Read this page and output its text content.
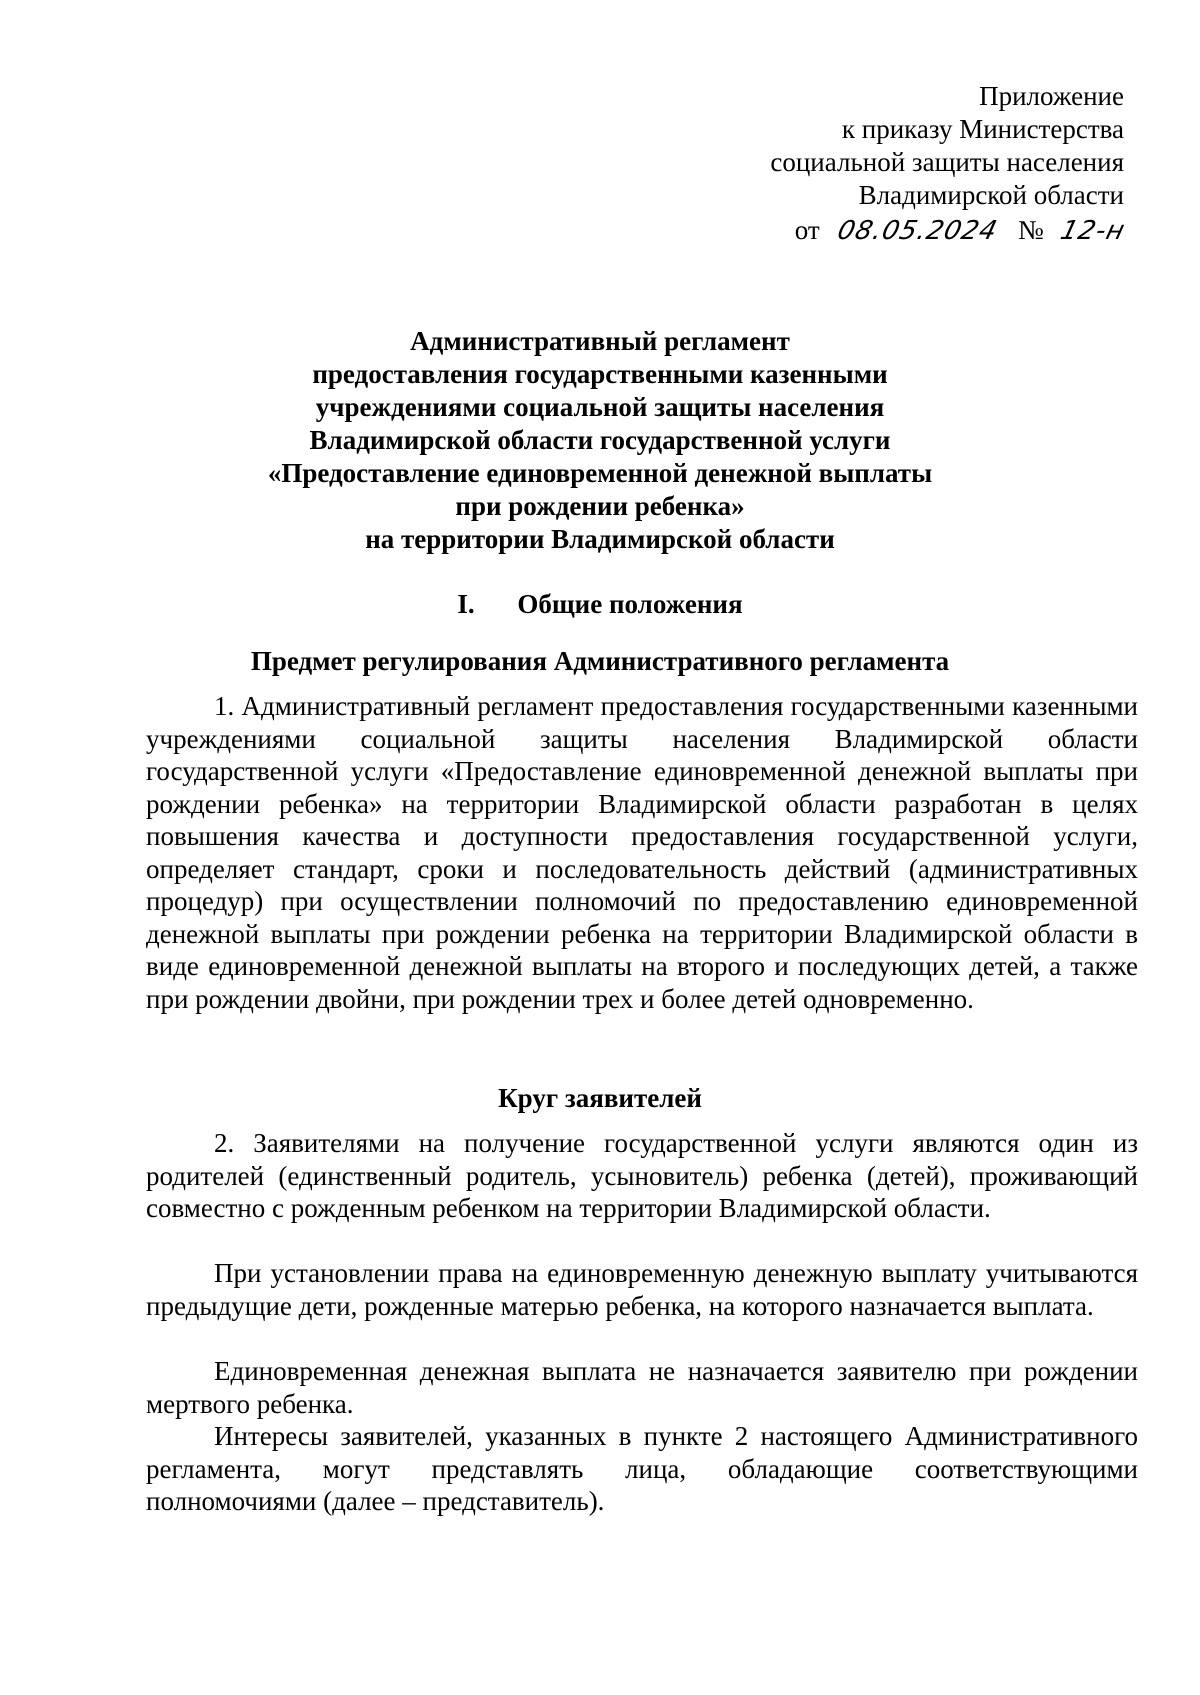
Приложение
к приказу Министерства
социальной защиты населения
Владимирской области
от 08.05.2024 № 12-н
Административный регламент
предоставления государственными казенными
учреждениями социальной защиты населения
Владимирской области государственной услуги
«Предоставление единовременной денежной выплаты
при рождении ребенка»
на территории Владимирской области
I. Общие положения
Предмет регулирования Административного регламента
1. Административный регламент предоставления государственными казенными учреждениями социальной защиты населения Владимирской области государственной услуги «Предоставление единовременной денежной выплаты при рождении ребенка» на территории Владимирской области разработан в целях повышения качества и доступности предоставления государственной услуги, определяет стандарт, сроки и последовательность действий (административных процедур) при осуществлении полномочий по предоставлению единовременной денежной выплаты при рождении ребенка на территории Владимирской области в виде единовременной денежной выплаты на второго и последующих детей, а также при рождении двойни, при рождении трех и более детей одновременно.
Круг заявителей
2. Заявителями на получение государственной услуги являются один из родителей (единственный родитель, усыновитель) ребенка (детей), проживающий совместно с рожденным ребенком на территории Владимирской области.
При установлении права на единовременную денежную выплату учитываются предыдущие дети, рожденные матерью ребенка, на которого назначается выплата.
Единовременная денежная выплата не назначается заявителю при рождении мертвого ребенка.
Интересы заявителей, указанных в пункте 2 настоящего Административного регламента, могут представлять лица, обладающие соответствующими полномочиями (далее – представитель).
